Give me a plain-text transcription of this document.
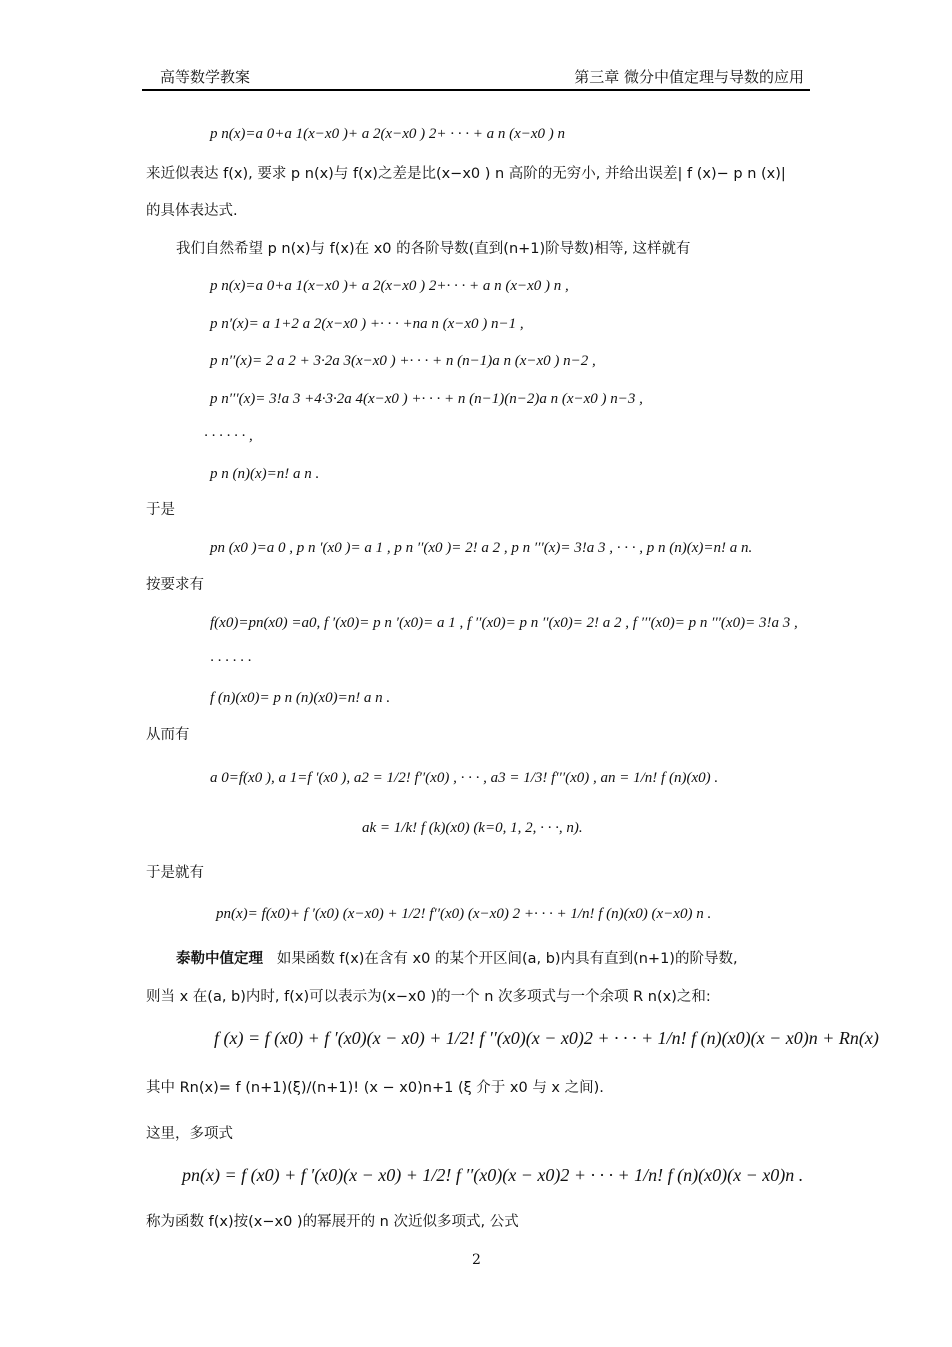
高等数学教案	第三章 微分中值定理与导数的应用
p n(x)=a 0+a 1(x−x0 )+ a 2(x−x0 ) 2+ · · · + a n (x−x0 ) n
来近似表达 f(x), 要求 p n(x)与 f(x)之差是比(x−x0 ) n 高阶的无穷小, 并给出误差| f (x)− p n (x)|
的具体表达式.
我们自然希望 p n(x)与 f(x)在 x0 的各阶导数(直到(n+1)阶导数)相等, 这样就有
p n(x)=a 0+a 1(x−x0 )+ a 2(x−x0 ) 2+· · · + a n (x−x0 ) n ,
p n′(x)= a 1+2 a 2(x−x0 ) +· · · +na n (x−x0 ) n−1 ,
p n′′(x)= 2 a 2 + 3·2a 3(x−x0 ) +· · · + n (n−1)a n (x−x0 ) n−2 ,
p n′′′(x)= 3!a 3 +4·3·2a 4(x−x0 ) +· · · + n (n−1)(n−2)a n (x−x0 ) n−3 ,
· · · · · · ,
p n (n)(x)=n! a n .
于是
pn (x0 )=a 0 , p n ′(x0 )= a 1 , p n ′′(x0 )= 2! a 2 , p n ′′′(x)= 3!a 3 , · · · , p n (n)(x)=n! a n.
按要求有
f(x0)=pn(x0) =a0, f ′(x0)= p n ′(x0)= a 1 , f ′′(x0)= p n ′′(x0)= 2! a 2 , f ′′′(x0)= p n ′′′(x0)= 3!a 3 ,
· · · · · ·
f (n)(x0)= p n (n)(x0)=n! a n .
从而有
a 0=f(x0 ), a 1=f ′(x0 ), a2 = 1/2! f′′(x0) , · · · , a3 = 1/3! f′′′(x0) , an = 1/n! f (n)(x0) .
ak = 1/k! f (k)(x0) (k=0, 1, 2, · · ·, n).
于是就有
pn(x)= f(x0)+ f ′(x0) (x−x0) + 1/2! f′′(x0) (x−x0) 2 +· · · + 1/n! f (n)(x0) (x−x0) n .
泰勒中值定理 如果函数 f(x)在含有 x0 的某个开区间(a, b)内具有直到(n+1)的阶导数,
则当 x 在(a, b)内时, f(x)可以表示为(x−x0 )的一个 n 次多项式与一个余项 R n(x)之和:
f (x) = f (x0) + f ′(x0)(x − x0) + 1/2! f ′′(x0)(x − x0)2 + · · · + 1/n! f (n)(x0)(x − x0)n + Rn(x)
其中 Rn(x)= f (n+1)(ξ)/(n+1)! (x − x0)n+1 (ξ 介于 x0 与 x 之间).
这里，多项式
pn(x) = f (x0) + f ′(x0)(x − x0) + 1/2! f ′′(x0)(x − x0)2 + · · · + 1/n! f (n)(x0)(x − x0)n .
称为函数 f(x)按(x−x0 )的幂展开的 n 次近似多项式, 公式
2
